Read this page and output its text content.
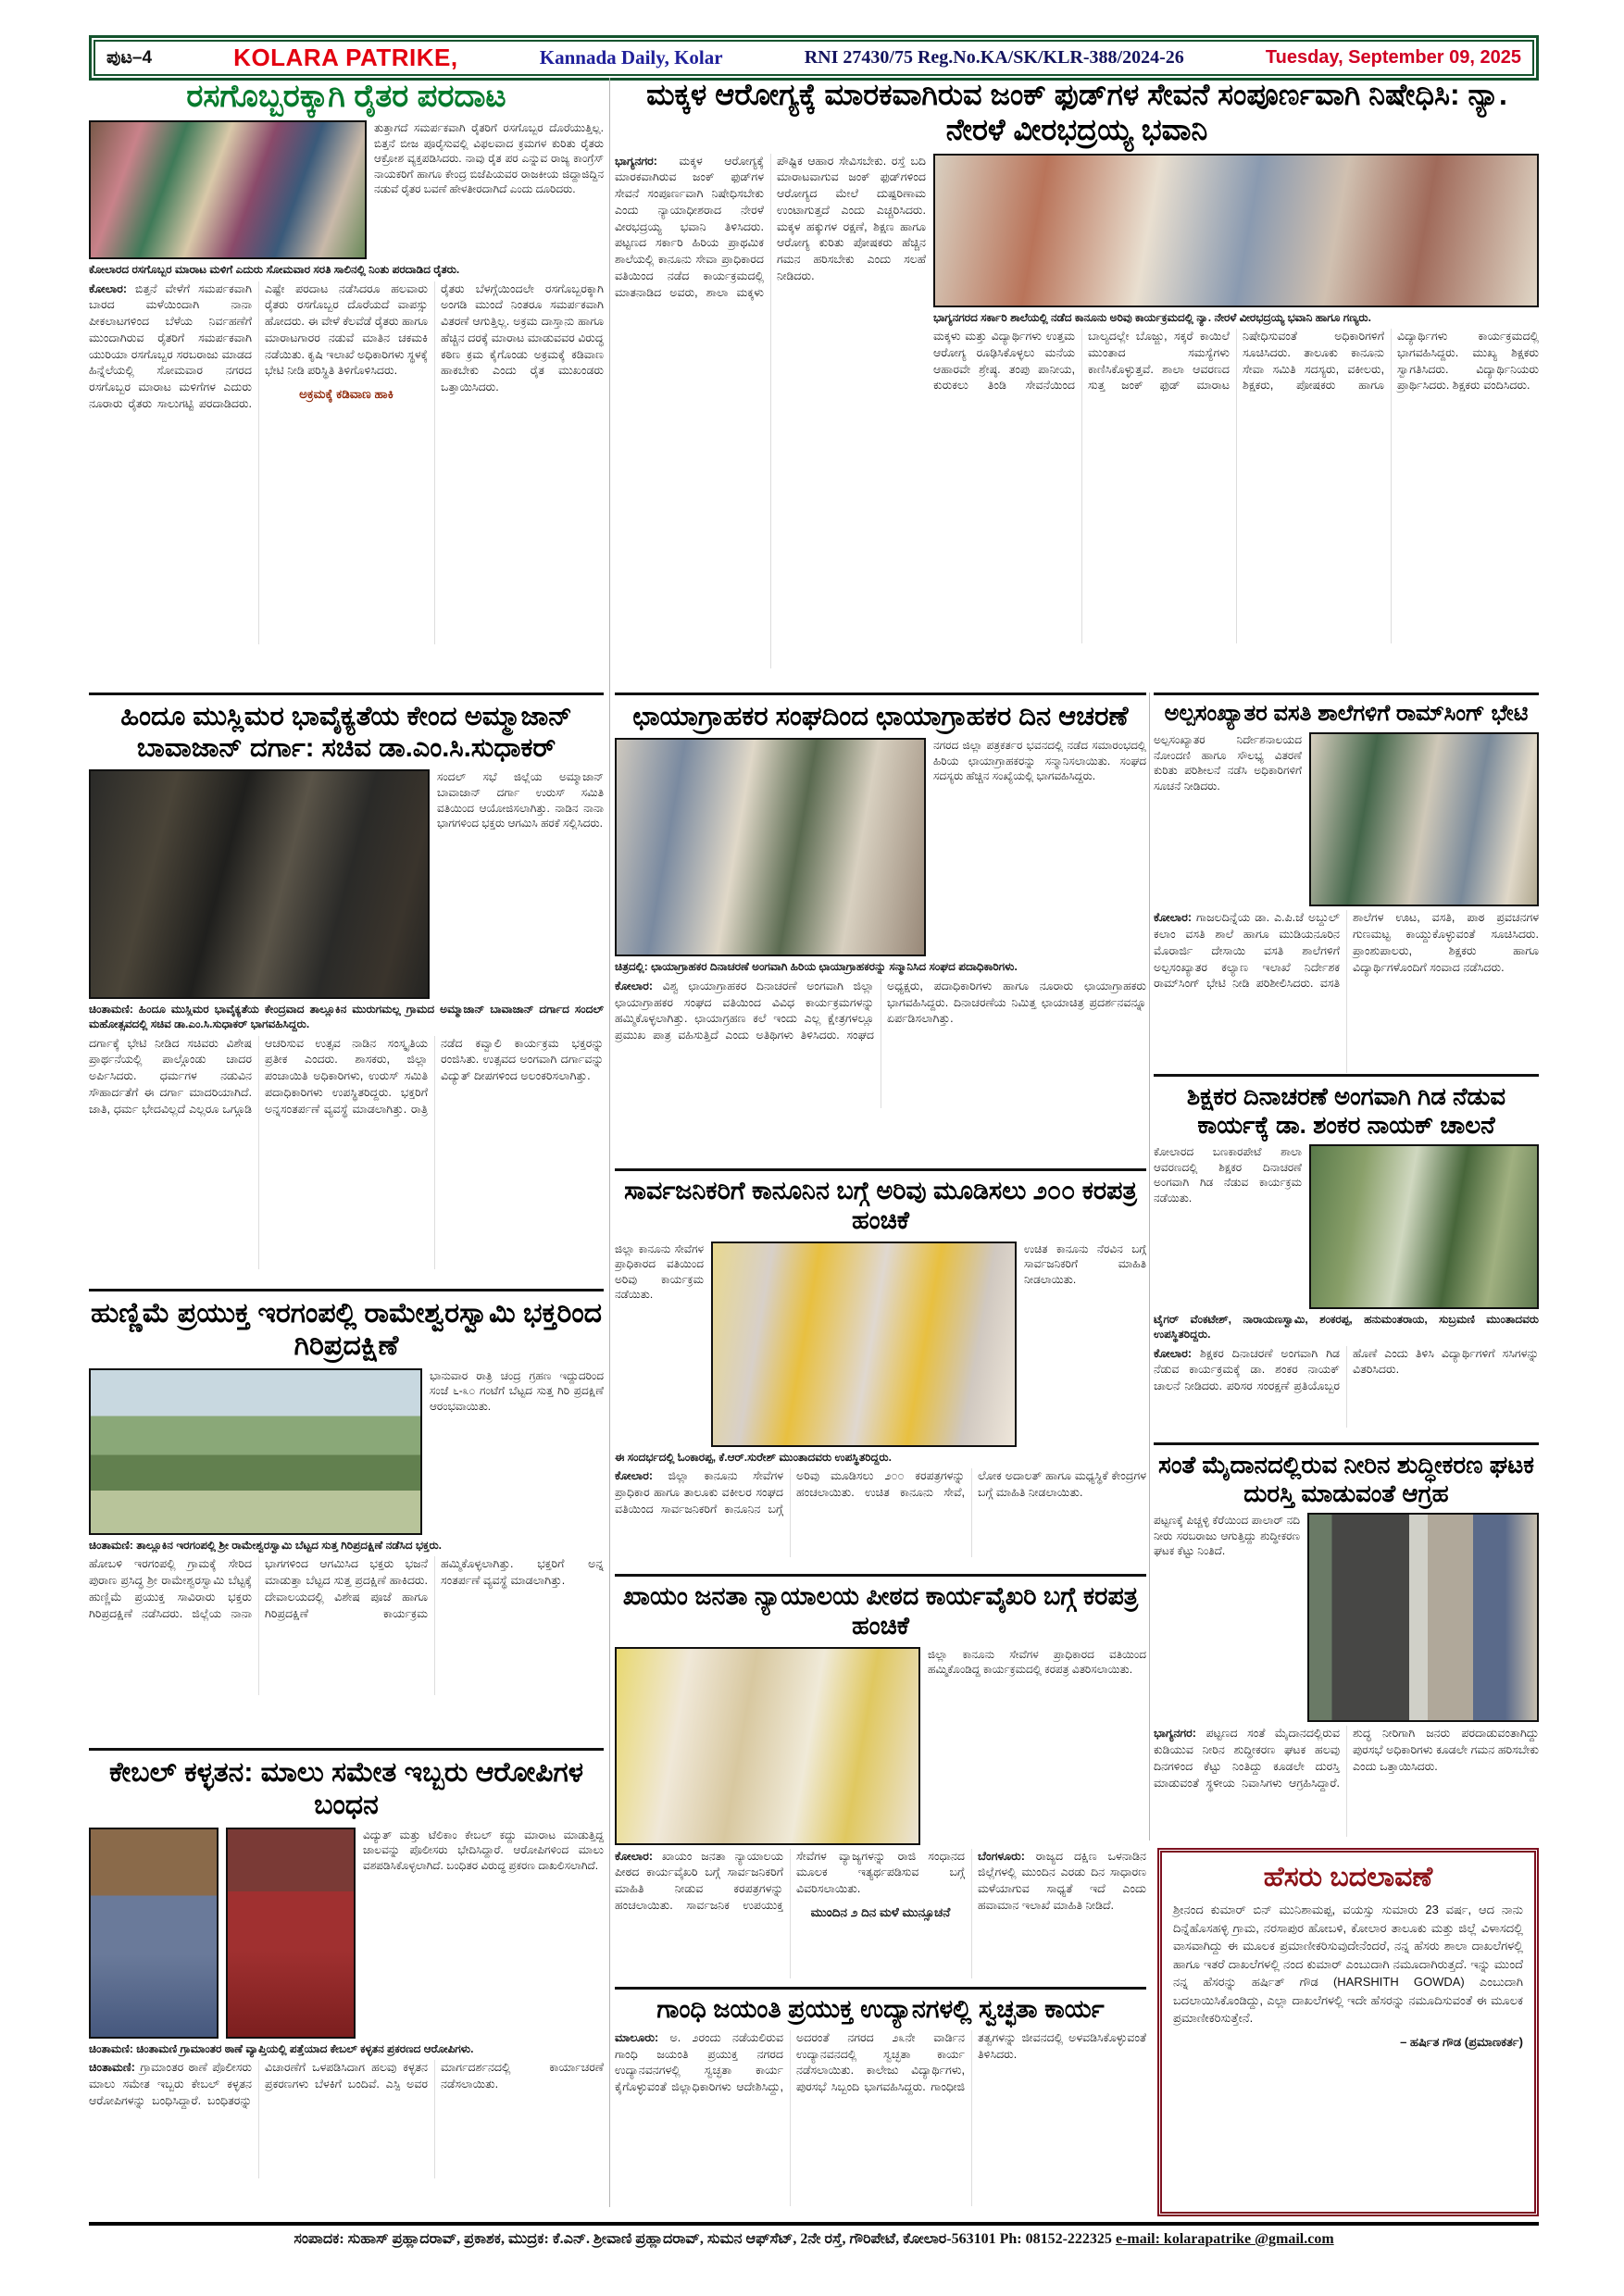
ಪುಟ–4	KOLARA PATRIKE,	Kannada Daily, Kolar	RNI 27430/75 Reg.No.KA/SK/KLR-388/2024-26	Tuesday, September 09, 2025
ರಸಗೊಬ್ಬರಕ್ಕಾಗಿ ರೈತರ ಪರದಾಟ
ತುತ್ತಾಗದೆ ಸಮರ್ಪಕವಾಗಿ ರೈತರಿಗೆ ರಸಗೊಬ್ಬರ ದೊರೆಯುತ್ತಿಲ್ಲ. ಬಿತ್ತನೆ ಬೀಜ ಪೂರೈಸುವಲ್ಲಿ ವಿಫಲವಾದ ಕ್ರಮಗಳ ಕುರಿತು ರೈತರು ಆಕ್ರೋಶ ವ್ಯಕ್ತಪಡಿಸಿದರು. ನಾವು ರೈತ ಪರ ಎನ್ನುವ ರಾಜ್ಯ ಕಾಂಗ್ರೆಸ್ ನಾಯಕರಿಗೆ ಹಾಗೂ ಕೇಂದ್ರ ಬಿಜೆಪಿಯವರ ರಾಜಕೀಯ ಜಿದ್ದಾಜಿದ್ದಿನ ನಡುವೆ ರೈತರ ಬವಣೆ ಹೇಳತೀರದಾಗಿದೆ ಎಂದು ದೂರಿದರು.
ಕೋಲಾರದ ರಸಗೊಬ್ಬರ ಮಾರಾಟ ಮಳಿಗೆ ಎದುರು ಸೋಮವಾರ ಸರತಿ ಸಾಲಿನಲ್ಲಿ ನಿಂತು ಪರದಾಡಿದ ರೈತರು.

ಕೋಲಾರ: ಬಿತ್ತನೆ ವೇಳೆಗೆ ಸಮರ್ಪಕವಾಗಿ ಬಾರದ ಮಳೆಯಿಂದಾಗಿ ನಾನಾ ಪೀಕಲಾಟಗಳಿಂದ ಬೆಳೆಯ ನಿರ್ವಹಣೆಗೆ ಮುಂದಾಗಿರುವ ರೈತರಿಗೆ ಸಮರ್ಪಕವಾಗಿ ಯುರಿಯಾ ರಸಗೊಬ್ಬರ ಸರಬರಾಜು ಮಾಡದ ಹಿನ್ನೆಲೆಯಲ್ಲಿ ಸೋಮವಾರ ನಗರದ ರಸಗೊಬ್ಬರ ಮಾರಾಟ ಮಳಿಗೆಗಳ ಎದುರು ನೂರಾರು ರೈತರು ಸಾಲುಗಟ್ಟಿ ಪರದಾಡಿದರು. ಎಷ್ಟೇ ಪರದಾಟ ನಡೆಸಿದರೂ ಹಲವಾರು ರೈತರು ರಸಗೊಬ್ಬರ ದೊರೆಯದೆ ವಾಪಸ್ಸು ಹೋದರು. ಈ ವೇಳೆ ಕೆಲವೆಡೆ ರೈತರು ಹಾಗೂ ಮಾರಾಟಗಾರರ ನಡುವೆ ಮಾತಿನ ಚಕಮಕಿ ನಡೆಯಿತು. ಕೃಷಿ ಇಲಾಖೆ ಅಧಿಕಾರಿಗಳು ಸ್ಥಳಕ್ಕೆ ಭೇಟಿ ನೀಡಿ ಪರಿಸ್ಥಿತಿ ತಿಳಿಗೊಳಿಸಿದರು.

ಅಕ್ರಮಕ್ಕೆ ಕಡಿವಾಣ ಹಾಕಿ

ರೈತರು ಬೆಳಗ್ಗೆಯಿಂದಲೇ ರಸಗೊಬ್ಬರಕ್ಕಾಗಿ ಅಂಗಡಿ ಮುಂದೆ ನಿಂತರೂ ಸಮರ್ಪಕವಾಗಿ ವಿತರಣೆ ಆಗುತ್ತಿಲ್ಲ. ಅಕ್ರಮ ದಾಸ್ತಾನು ಹಾಗೂ ಹೆಚ್ಚಿನ ದರಕ್ಕೆ ಮಾರಾಟ ಮಾಡುವವರ ವಿರುದ್ಧ ಕಠಿಣ ಕ್ರಮ ಕೈಗೊಂಡು ಅಕ್ರಮಕ್ಕೆ ಕಡಿವಾಣ ಹಾಕಬೇಕು ಎಂದು ರೈತ ಮುಖಂಡರು ಒತ್ತಾಯಿಸಿದರು.

ಮಕ್ಕಳ ಆರೋಗ್ಯಕ್ಕೆ ಮಾರಕವಾಗಿರುವ ಜಂಕ್ ಫುಡ್‌ಗಳ ಸೇವನೆ ಸಂಪೂರ್ಣವಾಗಿ ನಿಷೇಧಿಸಿ: ನ್ಯಾ. ನೇರಳೆ ವೀರಭದ್ರಯ್ಯ ಭವಾನಿ

ಭಾಗ್ಯನಗರ: ಮಕ್ಕಳ ಆರೋಗ್ಯಕ್ಕೆ ಮಾರಕವಾಗಿರುವ ಜಂಕ್ ಫುಡ್‌ಗಳ ಸೇವನೆ ಸಂಪೂರ್ಣವಾಗಿ ನಿಷೇಧಿಸಬೇಕು ಎಂದು ನ್ಯಾಯಾಧೀಶರಾದ ನೇರಳೆ ವೀರಭದ್ರಯ್ಯ ಭವಾನಿ ತಿಳಿಸಿದರು. ಪಟ್ಟಣದ ಸರ್ಕಾರಿ ಹಿರಿಯ ಪ್ರಾಥಮಿಕ ಶಾಲೆಯಲ್ಲಿ ಕಾನೂನು ಸೇವಾ ಪ್ರಾಧಿಕಾರದ ವತಿಯಿಂದ ನಡೆದ ಕಾರ್ಯಕ್ರಮದಲ್ಲಿ ಮಾತನಾಡಿದ ಅವರು, ಶಾಲಾ ಮಕ್ಕಳು ಪೌಷ್ಟಿಕ ಆಹಾರ ಸೇವಿಸಬೇಕು. ರಸ್ತೆ ಬದಿ ಮಾರಾಟವಾಗುವ ಜಂಕ್ ಫುಡ್‌ಗಳಿಂದ ಆರೋಗ್ಯದ ಮೇಲೆ ದುಷ್ಪರಿಣಾಮ ಉಂಟಾಗುತ್ತದೆ ಎಂದು ಎಚ್ಚರಿಸಿದರು. ಮಕ್ಕಳ ಹಕ್ಕುಗಳ ರಕ್ಷಣೆ, ಶಿಕ್ಷಣ ಹಾಗೂ ಆರೋಗ್ಯ ಕುರಿತು ಪೋಷಕರು ಹೆಚ್ಚಿನ ಗಮನ ಹರಿಸಬೇಕು ಎಂದು ಸಲಹೆ ನೀಡಿದರು.

ಭಾಗ್ಯನಗರದ ಸರ್ಕಾರಿ ಶಾಲೆಯಲ್ಲಿ ನಡೆದ ಕಾನೂನು ಅರಿವು ಕಾರ್ಯಕ್ರಮದಲ್ಲಿ ನ್ಯಾ. ನೇರಳೆ ವೀರಭದ್ರಯ್ಯ ಭವಾನಿ ಹಾಗೂ ಗಣ್ಯರು.

ಮಕ್ಕಳು ಮತ್ತು ವಿದ್ಯಾರ್ಥಿಗಳು ಉತ್ತಮ ಆರೋಗ್ಯ ರೂಢಿಸಿಕೊಳ್ಳಲು ಮನೆಯ ಆಹಾರವೇ ಶ್ರೇಷ್ಠ. ತಂಪು ಪಾನೀಯ, ಕುರುಕಲು ತಿಂಡಿ ಸೇವನೆಯಿಂದ ಬಾಲ್ಯದಲ್ಲೇ ಬೊಜ್ಜು, ಸಕ್ಕರೆ ಕಾಯಿಲೆ ಮುಂತಾದ ಸಮಸ್ಯೆಗಳು ಕಾಣಿಸಿಕೊಳ್ಳುತ್ತವೆ. ಶಾಲಾ ಆವರಣದ ಸುತ್ತ ಜಂಕ್ ಫುಡ್ ಮಾರಾಟ ನಿಷೇಧಿಸುವಂತೆ ಅಧಿಕಾರಿಗಳಿಗೆ ಸೂಚಿಸಿದರು. ತಾಲೂಕು ಕಾನೂನು ಸೇವಾ ಸಮಿತಿ ಸದಸ್ಯರು, ವಕೀಲರು, ಶಿಕ್ಷಕರು, ಪೋಷಕರು ಹಾಗೂ ವಿದ್ಯಾರ್ಥಿಗಳು ಕಾರ್ಯಕ್ರಮದಲ್ಲಿ ಭಾಗವಹಿಸಿದ್ದರು. ಮುಖ್ಯ ಶಿಕ್ಷಕರು ಸ್ವಾಗತಿಸಿದರು. ವಿದ್ಯಾರ್ಥಿನಿಯರು ಪ್ರಾರ್ಥಿಸಿದರು. ಶಿಕ್ಷಕರು ವಂದಿಸಿದರು.

ಹಿಂದೂ ಮುಸ್ಲಿಮರ ಭಾವೈಕ್ಯತೆಯ ಕೇಂದ ಅಮ್ಮಾಜಾನ್ ಬಾವಾಜಾನ್ ದರ್ಗಾ: ಸಚಿವ ಡಾ.ಎಂ.ಸಿ.ಸುಧಾಕರ್
ಸಂದಲ್ ಸಭೆ ಜಿಲ್ಲೆಯ ಅಮ್ಮಾಜಾನ್ ಬಾವಾಜಾನ್ ದರ್ಗಾ ಉರುಸ್ ಸಮಿತಿ ವತಿಯಿಂದ ಆಯೋಜಿಸಲಾಗಿತ್ತು. ನಾಡಿನ ನಾನಾ ಭಾಗಗಳಿಂದ ಭಕ್ತರು ಆಗಮಿಸಿ ಹರಕೆ ಸಲ್ಲಿಸಿದರು.
ಚಿಂತಾಮಣಿ: ಹಿಂದೂ ಮುಸ್ಲಿಮರ ಭಾವೈಕ್ಯತೆಯ ಕೇಂದ್ರವಾದ ತಾಲ್ಲೂಕಿನ ಮುರುಗಮಲ್ಲ ಗ್ರಾಮದ ಅಮ್ಮಾಜಾನ್ ಬಾವಾಜಾನ್ ದರ್ಗಾದ ಸಂದಲ್ ಮಹೋತ್ಸವದಲ್ಲಿ ಸಚಿವ ಡಾ.ಎಂ.ಸಿ.ಸುಧಾಕರ್ ಭಾಗವಹಿಸಿದ್ದರು.

ದರ್ಗಾಕ್ಕೆ ಭೇಟಿ ನೀಡಿದ ಸಚಿವರು ವಿಶೇಷ ಪ್ರಾರ್ಥನೆಯಲ್ಲಿ ಪಾಲ್ಗೊಂಡು ಚಾದರ ಅರ್ಪಿಸಿದರು. ಧರ್ಮಗಳ ನಡುವಿನ ಸೌಹಾರ್ದತೆಗೆ ಈ ದರ್ಗಾ ಮಾದರಿಯಾಗಿದೆ. ಜಾತಿ, ಧರ್ಮ ಭೇದವಿಲ್ಲದೆ ಎಲ್ಲರೂ ಒಗ್ಗೂಡಿ ಆಚರಿಸುವ ಉತ್ಸವ ನಾಡಿನ ಸಂಸ್ಕೃತಿಯ ಪ್ರತೀಕ ಎಂದರು. ಶಾಸಕರು, ಜಿಲ್ಲಾ ಪಂಚಾಯಿತಿ ಅಧಿಕಾರಿಗಳು, ಉರುಸ್ ಸಮಿತಿ ಪದಾಧಿಕಾರಿಗಳು ಉಪಸ್ಥಿತರಿದ್ದರು. ಭಕ್ತರಿಗೆ ಅನ್ನಸಂತರ್ಪಣೆ ವ್ಯವಸ್ಥೆ ಮಾಡಲಾಗಿತ್ತು. ರಾತ್ರಿ ನಡೆದ ಕವ್ವಾಲಿ ಕಾರ್ಯಕ್ರಮ ಭಕ್ತರನ್ನು ರಂಜಿಸಿತು. ಉತ್ಸವದ ಅಂಗವಾಗಿ ದರ್ಗಾವನ್ನು ವಿದ್ಯುತ್ ದೀಪಗಳಿಂದ ಅಲಂಕರಿಸಲಾಗಿತ್ತು.

ಛಾಯಾಗ್ರಾಹಕರ ಸಂಘದಿಂದ ಛಾಯಾಗ್ರಾಹಕರ ದಿನ ಆಚರಣೆ
ನಗರದ ಜಿಲ್ಲಾ ಪತ್ರಕರ್ತರ ಭವನದಲ್ಲಿ ನಡೆದ ಸಮಾರಂಭದಲ್ಲಿ ಹಿರಿಯ ಛಾಯಾಗ್ರಾಹಕರನ್ನು ಸನ್ಮಾನಿಸಲಾಯಿತು. ಸಂಘದ ಸದಸ್ಯರು ಹೆಚ್ಚಿನ ಸಂಖ್ಯೆಯಲ್ಲಿ ಭಾಗವಹಿಸಿದ್ದರು.
ಚಿತ್ರದಲ್ಲಿ: ಛಾಯಾಗ್ರಾಹಕರ ದಿನಾಚರಣೆ ಅಂಗವಾಗಿ ಹಿರಿಯ ಛಾಯಾಗ್ರಾಹಕರನ್ನು ಸನ್ಮಾನಿಸಿದ ಸಂಘದ ಪದಾಧಿಕಾರಿಗಳು.

ಕೋಲಾರ: ವಿಶ್ವ ಛಾಯಾಗ್ರಾಹಕರ ದಿನಾಚರಣೆ ಅಂಗವಾಗಿ ಜಿಲ್ಲಾ ಛಾಯಾಗ್ರಾಹಕರ ಸಂಘದ ವತಿಯಿಂದ ವಿವಿಧ ಕಾರ್ಯಕ್ರಮಗಳನ್ನು ಹಮ್ಮಿಕೊಳ್ಳಲಾಗಿತ್ತು. ಛಾಯಾಗ್ರಹಣ ಕಲೆ ಇಂದು ಎಲ್ಲ ಕ್ಷೇತ್ರಗಳಲ್ಲೂ ಪ್ರಮುಖ ಪಾತ್ರ ವಹಿಸುತ್ತಿದೆ ಎಂದು ಅತಿಥಿಗಳು ತಿಳಿಸಿದರು. ಸಂಘದ ಅಧ್ಯಕ್ಷರು, ಪದಾಧಿಕಾರಿಗಳು ಹಾಗೂ ನೂರಾರು ಛಾಯಾಗ್ರಾಹಕರು ಭಾಗವಹಿಸಿದ್ದರು. ದಿನಾಚರಣೆಯ ನಿಮಿತ್ತ ಛಾಯಾಚಿತ್ರ ಪ್ರದರ್ಶನವನ್ನೂ ಏರ್ಪಡಿಸಲಾಗಿತ್ತು.

ಅಲ್ಪಸಂಖ್ಯಾತರ ವಸತಿ ಶಾಲೆಗಳಿಗೆ ರಾಮ್‌ಸಿಂಗ್ ಭೇಟಿ
ಅಲ್ಪಸಂಖ್ಯಾತರ ನಿರ್ದೇಶನಾಲಯದ ನೋಂದಣಿ ಹಾಗೂ ಸೌಲಭ್ಯ ವಿತರಣೆ ಕುರಿತು ಪರಿಶೀಲನೆ ನಡೆಸಿ ಅಧಿಕಾರಿಗಳಿಗೆ ಸೂಚನೆ ನೀಡಿದರು.

ಕೋಲಾರ: ಗಾಜಲದಿನ್ನೆಯ ಡಾ. ಎ.ಪಿ.ಜೆ ಅಬ್ದುಲ್ ಕಲಾಂ ವಸತಿ ಶಾಲೆ ಹಾಗೂ ಮುಡಿಯನೂರಿನ ಮೊರಾರ್ಜಿ ದೇಸಾಯಿ ವಸತಿ ಶಾಲೆಗಳಿಗೆ ಅಲ್ಪಸಂಖ್ಯಾತರ ಕಲ್ಯಾಣ ಇಲಾಖೆ ನಿರ್ದೇಶಕ ರಾಮ್‌ಸಿಂಗ್ ಭೇಟಿ ನೀಡಿ ಪರಿಶೀಲಿಸಿದರು. ವಸತಿ ಶಾಲೆಗಳ ಊಟ, ವಸತಿ, ಪಾಠ ಪ್ರವಚನಗಳ ಗುಣಮಟ್ಟ ಕಾಯ್ದುಕೊಳ್ಳುವಂತೆ ಸೂಚಿಸಿದರು. ಪ್ರಾಂಶುಪಾಲರು, ಶಿಕ್ಷಕರು ಹಾಗೂ ವಿದ್ಯಾರ್ಥಿಗಳೊಂದಿಗೆ ಸಂವಾದ ನಡೆಸಿದರು.

ಶಿಕ್ಷಕರ ದಿನಾಚರಣೆ ಅಂಗವಾಗಿ ಗಿಡ ನೆಡುವ ಕಾರ್ಯಕ್ಕೆ ಡಾ. ಶಂಕರ ನಾಯಕ್ ಚಾಲನೆ
ಕೋಲಾರದ ಬಣಕಾರಪೇಟೆ ಶಾಲಾ ಆವರಣದಲ್ಲಿ ಶಿಕ್ಷಕರ ದಿನಾಚರಣೆ ಅಂಗವಾಗಿ ಗಿಡ ನೆಡುವ ಕಾರ್ಯಕ್ರಮ ನಡೆಯಿತು.
ಟೈಗರ್ ವೆಂಕಟೇಶ್, ನಾರಾಯಣಸ್ವಾಮಿ, ಶಂಕರಪ್ಪ, ಹನುಮಂತರಾಯ, ಸುಬ್ರಮಣಿ ಮುಂತಾದವರು ಉಪಸ್ಥಿತರಿದ್ದರು.

ಕೋಲಾರ: ಶಿಕ್ಷಕರ ದಿನಾಚರಣೆ ಅಂಗವಾಗಿ ಗಿಡ ನೆಡುವ ಕಾರ್ಯಕ್ರಮಕ್ಕೆ ಡಾ. ಶಂಕರ ನಾಯಕ್ ಚಾಲನೆ ನೀಡಿದರು. ಪರಿಸರ ಸಂರಕ್ಷಣೆ ಪ್ರತಿಯೊಬ್ಬರ ಹೊಣೆ ಎಂದು ತಿಳಿಸಿ ವಿದ್ಯಾರ್ಥಿಗಳಿಗೆ ಸಸಿಗಳನ್ನು ವಿತರಿಸಿದರು.

ಸಂತೆ ಮೈದಾನದಲ್ಲಿರುವ ನೀರಿನ ಶುದ್ಧೀಕರಣ ಘಟಕ ದುರಸ್ತಿ ಮಾಡುವಂತೆ ಆಗ್ರಹ
ಪಟ್ಟಣಕ್ಕೆ ಪಿಚ್ಚಳ್ಳಿ ಕೆರೆಯಿಂದ ಪಾಲಾರ್ ನದಿ ನೀರು ಸರಬರಾಜು ಆಗುತ್ತಿದ್ದು ಶುದ್ಧೀಕರಣ ಘಟಕ ಕೆಟ್ಟು ನಿಂತಿದೆ.

ಭಾಗ್ಯನಗರ: ಪಟ್ಟಣದ ಸಂತೆ ಮೈದಾನದಲ್ಲಿರುವ ಕುಡಿಯುವ ನೀರಿನ ಶುದ್ಧೀಕರಣ ಘಟಕ ಹಲವು ದಿನಗಳಿಂದ ಕೆಟ್ಟು ನಿಂತಿದ್ದು ಕೂಡಲೇ ದುರಸ್ತಿ ಮಾಡುವಂತೆ ಸ್ಥಳೀಯ ನಿವಾಸಿಗಳು ಆಗ್ರಹಿಸಿದ್ದಾರೆ. ಶುದ್ಧ ನೀರಿಗಾಗಿ ಜನರು ಪರದಾಡುವಂತಾಗಿದ್ದು ಪುರಸಭೆ ಅಧಿಕಾರಿಗಳು ಕೂಡಲೇ ಗಮನ ಹರಿಸಬೇಕು ಎಂದು ಒತ್ತಾಯಿಸಿದರು.

ಹೆಸರು ಬದಲಾವಣೆ
ಶ್ರೀನಂದ ಕುಮಾರ್ ಬಿನ್ ಮುನಿಶಾಮಪ್ಪ, ವಯಸ್ಸು ಸುಮಾರು 23 ವರ್ಷ, ಆದ ನಾನು ದಿನ್ನೆಹೊಸಹಳ್ಳಿ ಗ್ರಾಮ, ನರಸಾಪುರ ಹೋಬಳಿ, ಕೋಲಾರ ತಾಲೂಕು ಮತ್ತು ಜಿಲ್ಲೆ ವಿಳಾಸದಲ್ಲಿ ವಾಸವಾಗಿದ್ದು ಈ ಮೂಲಕ ಪ್ರಮಾಣೀಕರಿಸುವುದೇನೆಂದರೆ, ನನ್ನ ಹೆಸರು ಶಾಲಾ ದಾಖಲೆಗಳಲ್ಲಿ ಹಾಗೂ ಇತರೆ ದಾಖಲೆಗಳಲ್ಲಿ ನಂದ ಕುಮಾರ್ ಎಂಬುದಾಗಿ ನಮೂದಾಗಿರುತ್ತದೆ. ಇನ್ನು ಮುಂದೆ ನನ್ನ ಹೆಸರನ್ನು ಹರ್ಷಿತ್ ಗೌಡ (HARSHITH GOWDA) ಎಂಬುದಾಗಿ ಬದಲಾಯಿಸಿಕೊಂಡಿದ್ದು, ಎಲ್ಲಾ ದಾಖಲೆಗಳಲ್ಲಿ ಇದೇ ಹೆಸರನ್ನು ನಮೂದಿಸುವಂತೆ ಈ ಮೂಲಕ ಪ್ರಮಾಣೀಕರಿಸುತ್ತೇನೆ.
– ಹರ್ಷಿತ ಗೌಡ (ಪ್ರಮಾಣಕರ್ತ)
ಹುಣ್ಣಿಮೆ ಪ್ರಯುಕ್ತ ಇರಗಂಪಲ್ಲಿ ರಾಮೇಶ್ವರಸ್ವಾಮಿ ಭಕ್ತರಿಂದ ಗಿರಿಪ್ರದಕ್ಷಿಣೆ
ಭಾನುವಾರ ರಾತ್ರಿ ಚಂದ್ರ ಗ್ರಹಣ ಇದ್ದುದರಿಂದ ಸಂಜೆ ೬-೩೦ ಗಂಟೆಗೆ ಬೆಟ್ಟದ ಸುತ್ತ ಗಿರಿ ಪ್ರದಕ್ಷಿಣೆ ಆರಂಭವಾಯಿತು.
ಚಿಂತಾಮಣಿ: ತಾಲ್ಲೂಕಿನ ಇರಗಂಪಲ್ಲಿ ಶ್ರೀ ರಾಮೇಶ್ವರಸ್ವಾಮಿ ಬೆಟ್ಟದ ಸುತ್ತ ಗಿರಿಪ್ರದಕ್ಷಿಣೆ ನಡೆಸಿದ ಭಕ್ತರು.

ಹೋಬಳಿ ಇರಗಂಪಲ್ಲಿ ಗ್ರಾಮಕ್ಕೆ ಸೇರಿದ ಪುರಾಣ ಪ್ರಸಿದ್ಧ ಶ್ರೀ ರಾಮೇಶ್ವರಸ್ವಾಮಿ ಬೆಟ್ಟಕ್ಕೆ ಹುಣ್ಣಿಮೆ ಪ್ರಯುಕ್ತ ಸಾವಿರಾರು ಭಕ್ತರು ಗಿರಿಪ್ರದಕ್ಷಿಣೆ ನಡೆಸಿದರು. ಜಿಲ್ಲೆಯ ನಾನಾ ಭಾಗಗಳಿಂದ ಆಗಮಿಸಿದ ಭಕ್ತರು ಭಜನೆ ಮಾಡುತ್ತಾ ಬೆಟ್ಟದ ಸುತ್ತ ಪ್ರದಕ್ಷಿಣೆ ಹಾಕಿದರು. ದೇವಾಲಯದಲ್ಲಿ ವಿಶೇಷ ಪೂಜೆ ಹಾಗೂ ಗಿರಿಪ್ರದಕ್ಷಿಣೆ ಕಾರ್ಯಕ್ರಮ ಹಮ್ಮಿಕೊಳ್ಳಲಾಗಿತ್ತು. ಭಕ್ತರಿಗೆ ಅನ್ನ ಸಂತರ್ಪಣೆ ವ್ಯವಸ್ಥೆ ಮಾಡಲಾಗಿತ್ತು.

ಕೇಬಲ್ ಕಳ್ಳತನ: ಮಾಲು ಸಮೇತ ಇಬ್ಬರು ಆರೋಪಿಗಳ ಬಂಧನ
ವಿದ್ಯುತ್ ಮತ್ತು ಟೆಲಿಕಾಂ ಕೇಬಲ್ ಕದ್ದು ಮಾರಾಟ ಮಾಡುತ್ತಿದ್ದ ಜಾಲವನ್ನು ಪೊಲೀಸರು ಭೇದಿಸಿದ್ದಾರೆ. ಆರೋಪಿಗಳಿಂದ ಮಾಲು ವಶಪಡಿಸಿಕೊಳ್ಳಲಾಗಿದೆ. ಬಂಧಿತರ ವಿರುದ್ಧ ಪ್ರಕರಣ ದಾಖಲಿಸಲಾಗಿದೆ.
ಚಿಂತಾಮಣಿ: ಚಿಂತಾಮಣಿ ಗ್ರಾಮಾಂತರ ಠಾಣೆ ವ್ಯಾಪ್ತಿಯಲ್ಲಿ ಪತ್ತೆಯಾದ ಕೇಬಲ್ ಕಳ್ಳತನ ಪ್ರಕರಣದ ಆರೋಪಿಗಳು.

ಚಿಂತಾಮಣಿ: ಗ್ರಾಮಾಂತರ ಠಾಣೆ ಪೊಲೀಸರು ಮಾಲು ಸಮೇತ ಇಬ್ಬರು ಕೇಬಲ್ ಕಳ್ಳತನ ಆರೋಪಿಗಳನ್ನು ಬಂಧಿಸಿದ್ದಾರೆ. ಬಂಧಿತರನ್ನು ವಿಚಾರಣೆಗೆ ಒಳಪಡಿಸಿದಾಗ ಹಲವು ಕಳ್ಳತನ ಪ್ರಕರಣಗಳು ಬೆಳಕಿಗೆ ಬಂದಿವೆ. ಎಸ್ಪಿ ಅವರ ಮಾರ್ಗದರ್ಶನದಲ್ಲಿ ಕಾರ್ಯಾಚರಣೆ ನಡೆಸಲಾಯಿತು.

ಸಾರ್ವಜನಿಕರಿಗೆ ಕಾನೂನಿನ ಬಗ್ಗೆ ಅರಿವು ಮೂಡಿಸಲು ೨೦೦ ಕರಪತ್ರ ಹಂಚಿಕೆ
ಜಿಲ್ಲಾ ಕಾನೂನು ಸೇವೆಗಳ ಪ್ರಾಧಿಕಾರದ ವತಿಯಿಂದ ಅರಿವು ಕಾರ್ಯಕ್ರಮ ನಡೆಯಿತು.
ಉಚಿತ ಕಾನೂನು ನೆರವಿನ ಬಗ್ಗೆ ಸಾರ್ವಜನಿಕರಿಗೆ ಮಾಹಿತಿ ನೀಡಲಾಯಿತು.
ಈ ಸಂದರ್ಭದಲ್ಲಿ ಓಂಕಾರಪ್ಪ, ಕೆ.ಆರ್.ಸುರೇಶ್ ಮುಂತಾದವರು ಉಪಸ್ಥಿತರಿದ್ದರು.

ಕೋಲಾರ: ಜಿಲ್ಲಾ ಕಾನೂನು ಸೇವೆಗಳ ಪ್ರಾಧಿಕಾರ ಹಾಗೂ ತಾಲೂಕು ವಕೀಲರ ಸಂಘದ ವತಿಯಿಂದ ಸಾರ್ವಜನಿಕರಿಗೆ ಕಾನೂನಿನ ಬಗ್ಗೆ ಅರಿವು ಮೂಡಿಸಲು ೨೦೦ ಕರಪತ್ರಗಳನ್ನು ಹಂಚಲಾಯಿತು. ಉಚಿತ ಕಾನೂನು ಸೇವೆ, ಲೋಕ ಅದಾಲತ್ ಹಾಗೂ ಮಧ್ಯಸ್ಥಿಕೆ ಕೇಂದ್ರಗಳ ಬಗ್ಗೆ ಮಾಹಿತಿ ನೀಡಲಾಯಿತು.

ಖಾಯಂ ಜನತಾ ನ್ಯಾಯಾಲಯ ಪೀಠದ ಕಾರ್ಯವೈಖರಿ ಬಗ್ಗೆ ಕರಪತ್ರ ಹಂಚಿಕೆ
ಜಿಲ್ಲಾ ಕಾನೂನು ಸೇವೆಗಳ ಪ್ರಾಧಿಕಾರದ ವತಿಯಿಂದ ಹಮ್ಮಿಕೊಂಡಿದ್ದ ಕಾರ್ಯಕ್ರಮದಲ್ಲಿ ಕರಪತ್ರ ವಿತರಿಸಲಾಯಿತು.

ಕೋಲಾರ: ಖಾಯಂ ಜನತಾ ನ್ಯಾಯಾಲಯ ಪೀಠದ ಕಾರ್ಯವೈಖರಿ ಬಗ್ಗೆ ಸಾರ್ವಜನಿಕರಿಗೆ ಮಾಹಿತಿ ನೀಡುವ ಕರಪತ್ರಗಳನ್ನು ಹಂಚಲಾಯಿತು. ಸಾರ್ವಜನಿಕ ಉಪಯುಕ್ತ ಸೇವೆಗಳ ವ್ಯಾಜ್ಯಗಳನ್ನು ರಾಜಿ ಸಂಧಾನದ ಮೂಲಕ ಇತ್ಯರ್ಥಪಡಿಸುವ ಬಗ್ಗೆ ವಿವರಿಸಲಾಯಿತು.

ಮುಂದಿನ ೨ ದಿನ ಮಳೆ ಮುನ್ಸೂಚನೆ

ಬೆಂಗಳೂರು: ರಾಜ್ಯದ ದಕ್ಷಿಣ ಒಳನಾಡಿನ ಜಿಲ್ಲೆಗಳಲ್ಲಿ ಮುಂದಿನ ಎರಡು ದಿನ ಸಾಧಾರಣ ಮಳೆಯಾಗುವ ಸಾಧ್ಯತೆ ಇದೆ ಎಂದು ಹವಾಮಾನ ಇಲಾಖೆ ಮಾಹಿತಿ ನೀಡಿದೆ.

ಗಾಂಧಿ ಜಯಂತಿ ಪ್ರಯುಕ್ತ ಉದ್ಯಾನಗಳಲ್ಲಿ ಸ್ವಚ್ಛತಾ ಕಾರ್ಯ

ಮಾಲೂರು: ಅ. ೨ರಂದು ನಡೆಯಲಿರುವ ಗಾಂಧಿ ಜಯಂತಿ ಪ್ರಯುಕ್ತ ನಗರದ ಉದ್ಯಾನವನಗಳಲ್ಲಿ ಸ್ವಚ್ಛತಾ ಕಾರ್ಯ ಕೈಗೊಳ್ಳುವಂತೆ ಜಿಲ್ಲಾಧಿಕಾರಿಗಳು ಆದೇಶಿಸಿದ್ದು, ಅದರಂತೆ ನಗರದ ೨೩ನೇ ವಾರ್ಡಿನ ಉದ್ಯಾನವನದಲ್ಲಿ ಸ್ವಚ್ಛತಾ ಕಾರ್ಯ ನಡೆಸಲಾಯಿತು. ಕಾಲೇಜು ವಿದ್ಯಾರ್ಥಿಗಳು, ಪುರಸಭೆ ಸಿಬ್ಬಂದಿ ಭಾಗವಹಿಸಿದ್ದರು. ಗಾಂಧೀಜಿ ತತ್ವಗಳನ್ನು ಜೀವನದಲ್ಲಿ ಅಳವಡಿಸಿಕೊಳ್ಳುವಂತೆ ತಿಳಿಸಿದರು.

ಸಂಪಾದಕ: ಸುಹಾಸ್ ಪ್ರಹ್ಲಾದರಾವ್, ಪ್ರಕಾಶಕ, ಮುದ್ರಕ: ಕೆ.ಎನ್. ಶ್ರೀವಾಣಿ ಪ್ರಹ್ಲಾದರಾವ್, ಸುಮನ ಆಫ್‌ಸೆಟ್, 2ನೇ ರಸ್ತೆ, ಗೌರಿಪೇಟೆ, ಕೋಲಾರ-563101 Ph: 08152-222325 e-mail: kolarapatrike @gmail.com
